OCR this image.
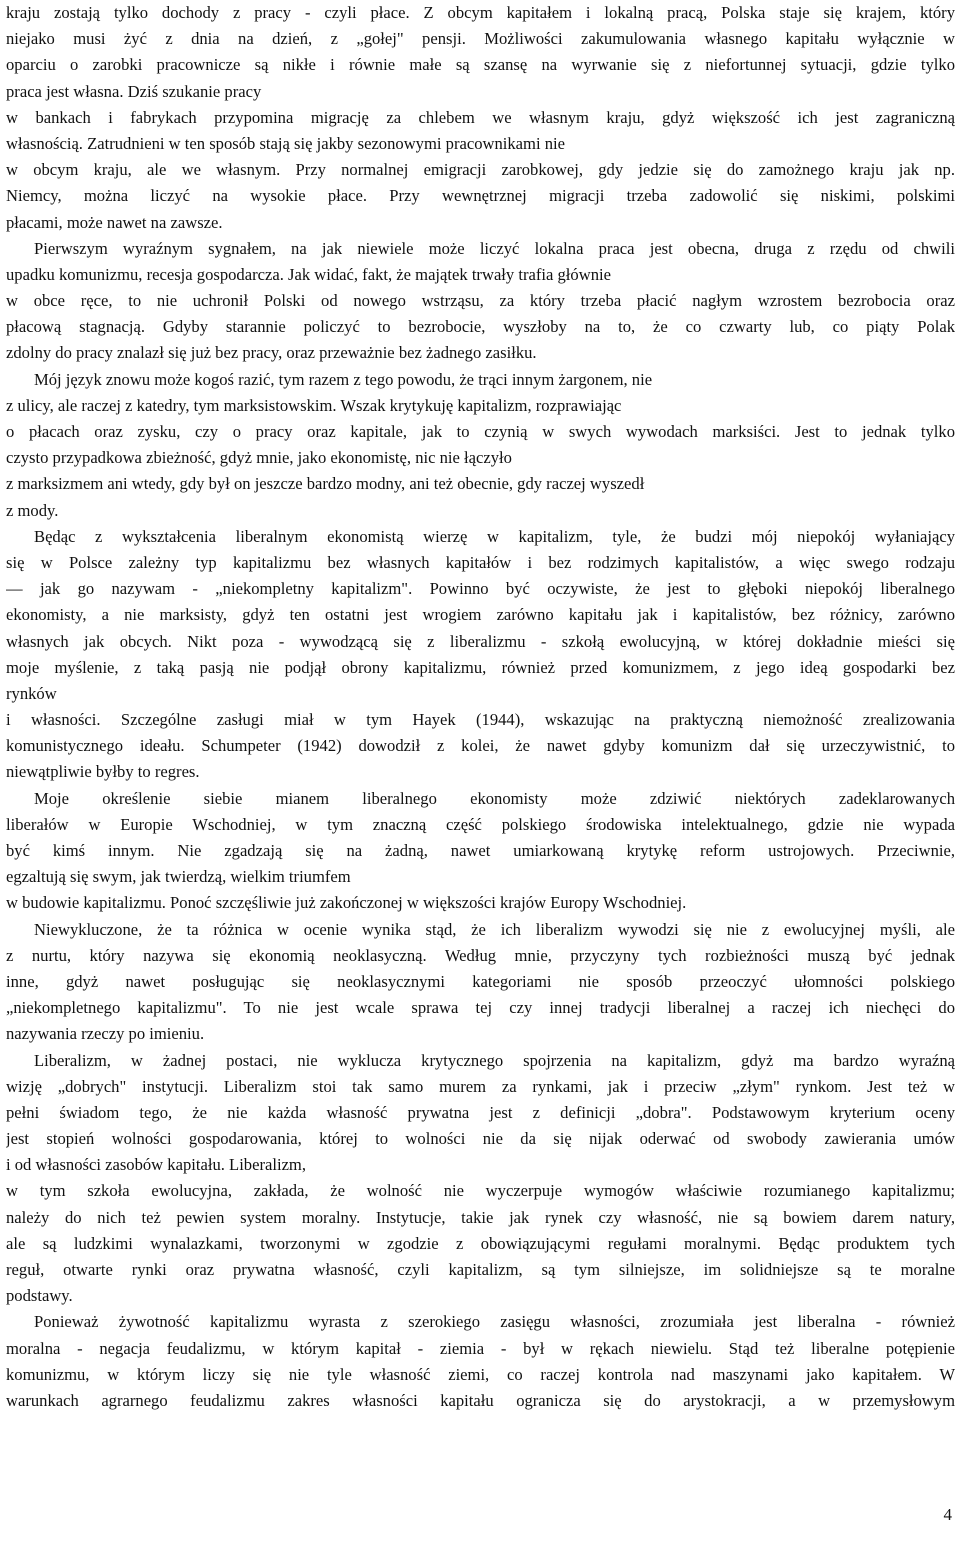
kraju zostają tylko dochody z pracy - czyli płace. Z obcym kapitałem i lokalną pracą, Polska staje się krajem, który
niejako musi żyć z dnia na dzień, z „gołej" pensji. Możliwości zakumulowania własnego kapitału wyłącznie w
oparciu o zarobki pracownicze są nikłe i równie małe są szansę na wyrwanie się z niefortunnej sytuacji, gdzie tylko
praca jest własna. Dziś szukanie pracy
w bankach i fabrykach przypomina migrację za chlebem we własnym kraju, gdyż większość ich jest zagraniczną
własnością. Zatrudnieni w ten sposób stają się jakby sezonowymi pracownikami nie
w obcym kraju, ale we własnym. Przy normalnej emigracji zarobkowej, gdy jedzie się do zamożnego kraju jak np.
Niemcy, można liczyć na wysokie płace. Przy wewnętrznej migracji trzeba zadowolić się niskimi, polskimi
płacami, może nawet na zawsze.
Pierwszym wyraźnym sygnałem, na jak niewiele może liczyć lokalna praca jest obecna, druga z rzędu od chwili
upadku komunizmu, recesja gospodarcza. Jak widać, fakt, że majątek trwały trafia głównie
w obce ręce, to nie uchronił Polski od nowego wstrząsu, za który trzeba płacić nagłym wzrostem bezrobocia oraz
płacową stagnacją. Gdyby starannie policzyć to bezrobocie, wyszłoby na to, że co czwarty lub, co piąty Polak
zdolny do pracy znalazł się już bez pracy, oraz przeważnie bez żadnego zasiłku.
Mój język znowu może kogoś razić, tym razem z tego powodu, że trąci innym żargonem, nie
z ulicy, ale raczej z katedry, tym marksistowskim. Wszak krytykuję kapitalizm, rozprawiając
o płacach oraz zysku, czy o pracy oraz kapitale, jak to czynią w swych wywodach marksiści. Jest to jednak tylko
czysto przypadkowa zbieżność, gdyż mnie, jako ekonomistę, nic nie łączyło
z marksizmem ani wtedy, gdy był on jeszcze bardzo modny, ani też obecnie, gdy raczej wyszedł
z mody.
Będąc z wykształcenia liberalnym ekonomistą wierzę w kapitalizm, tyle, że budzi mój niepokój wyłaniający
się w Polsce zależny typ kapitalizmu bez własnych kapitałów i bez rodzimych kapitalistów, a więc swego rodzaju
— jak go nazywam - „niekompletny kapitalizm". Powinno być oczywiste, że jest to głęboki niepokój liberalnego
ekonomisty, a nie marksisty, gdyż ten ostatni jest wrogiem zarówno kapitału jak i kapitalistów, bez różnicy, zarówno
własnych jak obcych. Nikt poza - wywodzącą się z liberalizmu - szkołą ewolucyjną, w której dokładnie mieści się
moje myślenie, z taką pasją nie podjął obrony kapitalizmu, również przed komunizmem, z jego ideą gospodarki bez
rynków
i własności. Szczególne zasługi miał w tym Hayek (1944), wskazując na praktyczną niemożność zrealizowania
komunistycznego ideału. Schumpeter (1942) dowodził z kolei, że nawet gdyby komunizm dał się urzeczywistnić, to
niewątpliwie byłby to regres.
Moje określenie siebie mianem liberalnego ekonomisty może zdziwić niektórych zadeklarowanych
liberałów w Europie Wschodniej, w tym znaczną część polskiego środowiska intelektualnego, gdzie nie wypada
być kimś innym. Nie zgadzają się na żadną, nawet umiarkowaną krytykę reform ustrojowych. Przeciwnie,
egzaltują się swym, jak twierdzą, wielkim triumfem
w budowie kapitalizmu. Ponoć szczęśliwie już zakończonej w większości krajów Europy Wschodniej.
Niewykluczone, że ta różnica w ocenie wynika stąd, że ich liberalizm wywodzi się nie z ewolucyjnej myśli, ale
z nurtu, który nazywa się ekonomią neoklasyczną. Według mnie, przyczyny tych rozbieżności muszą być jednak
inne, gdyż nawet posługując się neoklasycznymi kategoriami nie sposób przeoczyć ułomności polskiego
„niekompletnego kapitalizmu". To nie jest wcale sprawa tej czy innej tradycji liberalnej a raczej ich niechęci do
nazywania rzeczy po imieniu.
Liberalizm, w żadnej postaci, nie wyklucza krytycznego spojrzenia na kapitalizm, gdyż ma bardzo wyraźną
wizję „dobrych" instytucji. Liberalizm stoi tak samo murem za rynkami, jak i przeciw „złym" rynkom. Jest też w
pełni świadom tego, że nie każda własność prywatna jest z definicji „dobra". Podstawowym kryterium oceny
jest stopień wolności gospodarowania, której to wolności nie da się nijak oderwać od swobody zawierania umów
i od własności zasobów kapitału. Liberalizm,
w tym szkoła ewolucyjna, zakłada, że wolność nie wyczerpuje wymogów właściwie rozumianego kapitalizmu;
należy do nich też pewien system moralny. Instytucje, takie jak rynek czy własność, nie są bowiem darem natury,
ale są ludzkimi wynalazkami, tworzonymi w zgodzie z obowiązującymi regułami moralnymi. Będąc produktem tych
reguł, otwarte rynki oraz prywatna własność, czyli kapitalizm, są tym silniejsze, im solidniejsze są te moralne
podstawy.
Ponieważ żywotność kapitalizmu wyrasta z szerokiego zasięgu własności, zrozumiała jest liberalna - również
moralna - negacja feudalizmu, w którym kapitał - ziemia - był w rękach niewielu. Stąd też liberalne potępienie
komunizmu, w którym liczy się nie tyle własność ziemi, co raczej kontrola nad maszynami jako kapitałem. W
warunkach agrarnego feudalizmu zakres własności kapitału ogranicza się do arystokracji, a w przemysłowym
4
